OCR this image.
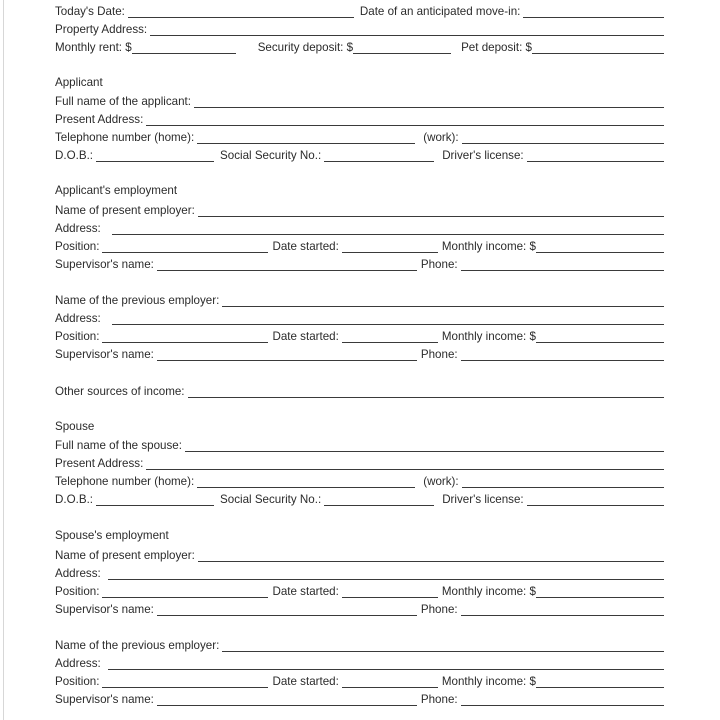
Today's Date:	Date of an anticipated move-in:
Property Address:
Monthly rent: $	Security deposit: $	Pet deposit: $
Applicant
Full name of the applicant:
Present Address:
Telephone number (home):	(work):
D.O.B.:	Social Security No.:	Driver's license:
Applicant's employment
Name of present employer:
Address:
Position:	Date started:	Monthly income: $
Supervisor's name:	Phone:
Name of the previous employer:
Address:
Position:	Date started:	Monthly income: $
Supervisor's name:	Phone:
Other sources of income:
Spouse
Full name of the spouse:
Present Address:
Telephone number (home):	(work):
D.O.B.:	Social Security No.:	Driver's license:
Spouse's employment
Name of present employer:
Address:
Position:	Date started:	Monthly income: $
Supervisor's name:	Phone:
Name of the previous employer:
Address:
Position:	Date started:	Monthly income: $
Supervisor's name:	Phone:
